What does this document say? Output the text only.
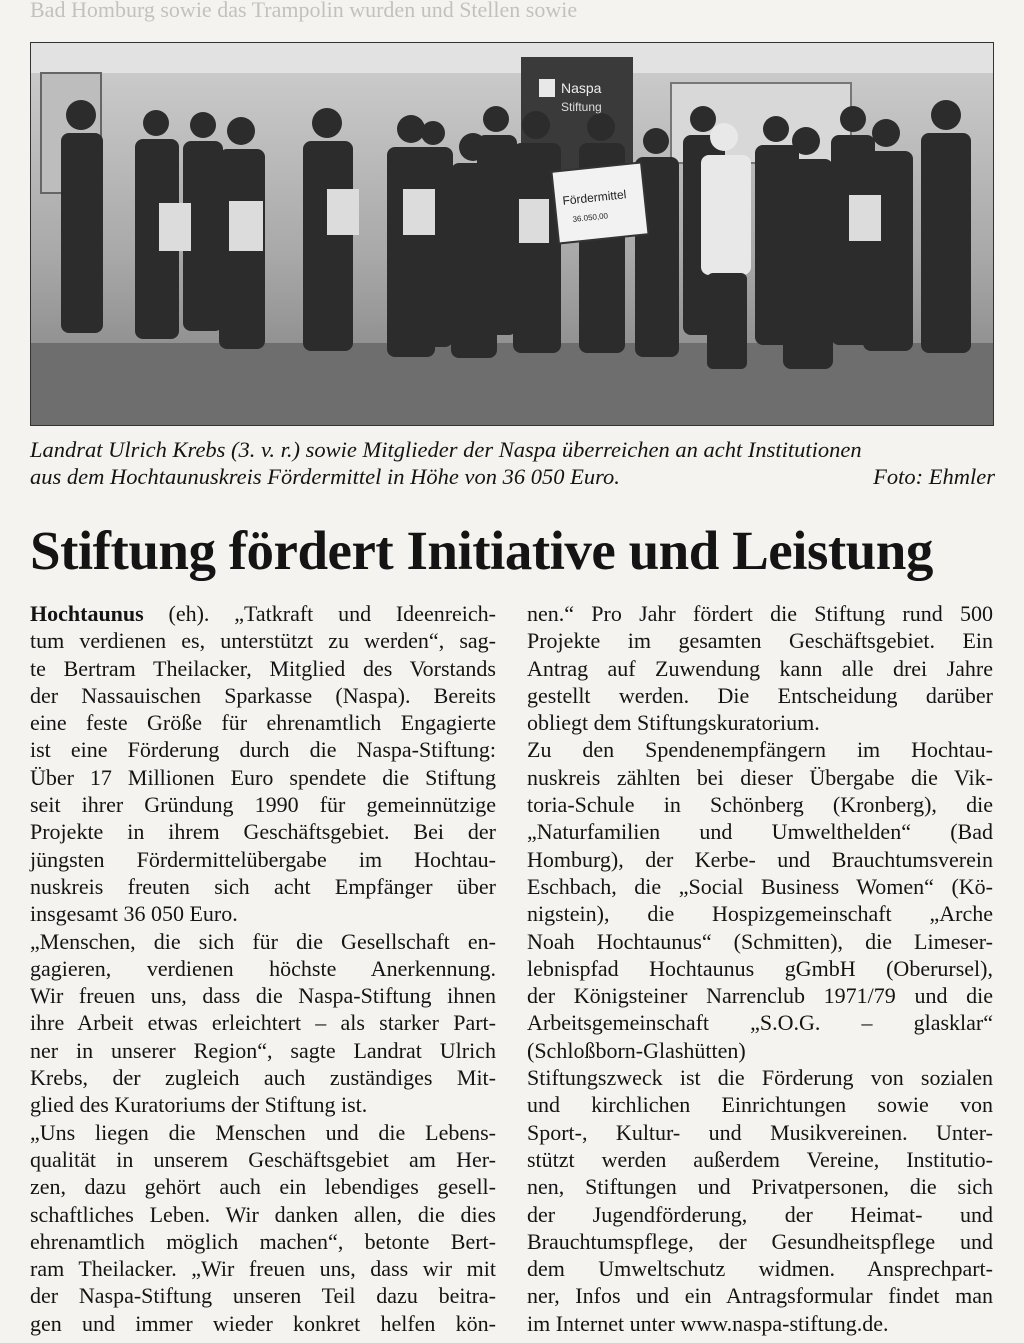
Bad Homburg sowie das Trampolin wurden und Stellen sowie
Naspa
Stiftung
Fördermittel
36.050,00
Landrat Ulrich Krebs (3. v. r.) sowie Mitglieder der Naspa überreichen an acht Institutionen
aus dem Hochtaunuskreis Fördermittel in Höhe von 36 050 Euro.	Foto: Ehmler
Stiftung fördert Initiative und Leistung
Hochtaunus (eh). „Tatkraft und Ideenreich-
tum verdienen es, unterstützt zu werden“, sag-
te Bertram Theilacker, Mitglied des Vorstands
der Nassauischen Sparkasse (Naspa). Bereits
eine feste Größe für ehrenamtlich Engagierte
ist eine Förderung durch die Naspa-Stiftung:
Über 17 Millionen Euro spendete die Stiftung
seit ihrer Gründung 1990 für gemeinnützige
Projekte in ihrem Geschäftsgebiet. Bei der
jüngsten Fördermittelübergabe im Hochtau-
nuskreis freuten sich acht Empfänger über
insgesamt 36 050 Euro.
„Menschen, die sich für die Gesellschaft en-
gagieren, verdienen höchste Anerkennung.
Wir freuen uns, dass die Naspa-Stiftung ihnen
ihre Arbeit etwas erleichtert – als starker Part-
ner in unserer Region“, sagte Landrat Ulrich
Krebs, der zugleich auch zuständiges Mit-
glied des Kuratoriums der Stiftung ist.
„Uns liegen die Menschen und die Lebens-
qualität in unserem Geschäftsgebiet am Her-
zen, dazu gehört auch ein lebendiges gesell-
schaftliches Leben. Wir danken allen, die dies
ehrenamtlich möglich machen“, betonte Bert-
ram Theilacker. „Wir freuen uns, dass wir mit
der Naspa-Stiftung unseren Teil dazu beitra-
gen und immer wieder konkret helfen kön-
nen.“ Pro Jahr fördert die Stiftung rund 500
Projekte im gesamten Geschäftsgebiet. Ein
Antrag auf Zuwendung kann alle drei Jahre
gestellt werden. Die Entscheidung darüber
obliegt dem Stiftungskuratorium.
Zu den Spendenempfängern im Hochtau-
nuskreis zählten bei dieser Übergabe die Vik-
toria-Schule in Schönberg (Kronberg), die
„Naturfamilien und Umwelthelden“ (Bad
Homburg), der Kerbe- und Brauchtumsverein
Eschbach, die „Social Business Women“ (Kö-
nigstein), die Hospizgemeinschaft „Arche
Noah Hochtaunus“ (Schmitten), die Limeser-
lebnispfad Hochtaunus gGmbH (Oberursel),
der Königsteiner Narrenclub 1971/79 und die
Arbeitsgemeinschaft „S.O.G. – glasklar“
(Schloßborn-Glashütten)
Stiftungszweck ist die Förderung von sozialen
und kirchlichen Einrichtungen sowie von
Sport-, Kultur- und Musikvereinen. Unter-
stützt werden außerdem Vereine, Institutio-
nen, Stiftungen und Privatpersonen, die sich
der Jugendförderung, der Heimat- und
Brauchtumspflege, der Gesundheitspflege und
dem Umweltschutz widmen. Ansprechpart-
ner, Infos und ein Antragsformular findet man
im Internet unter www.naspa-stiftung.de.
